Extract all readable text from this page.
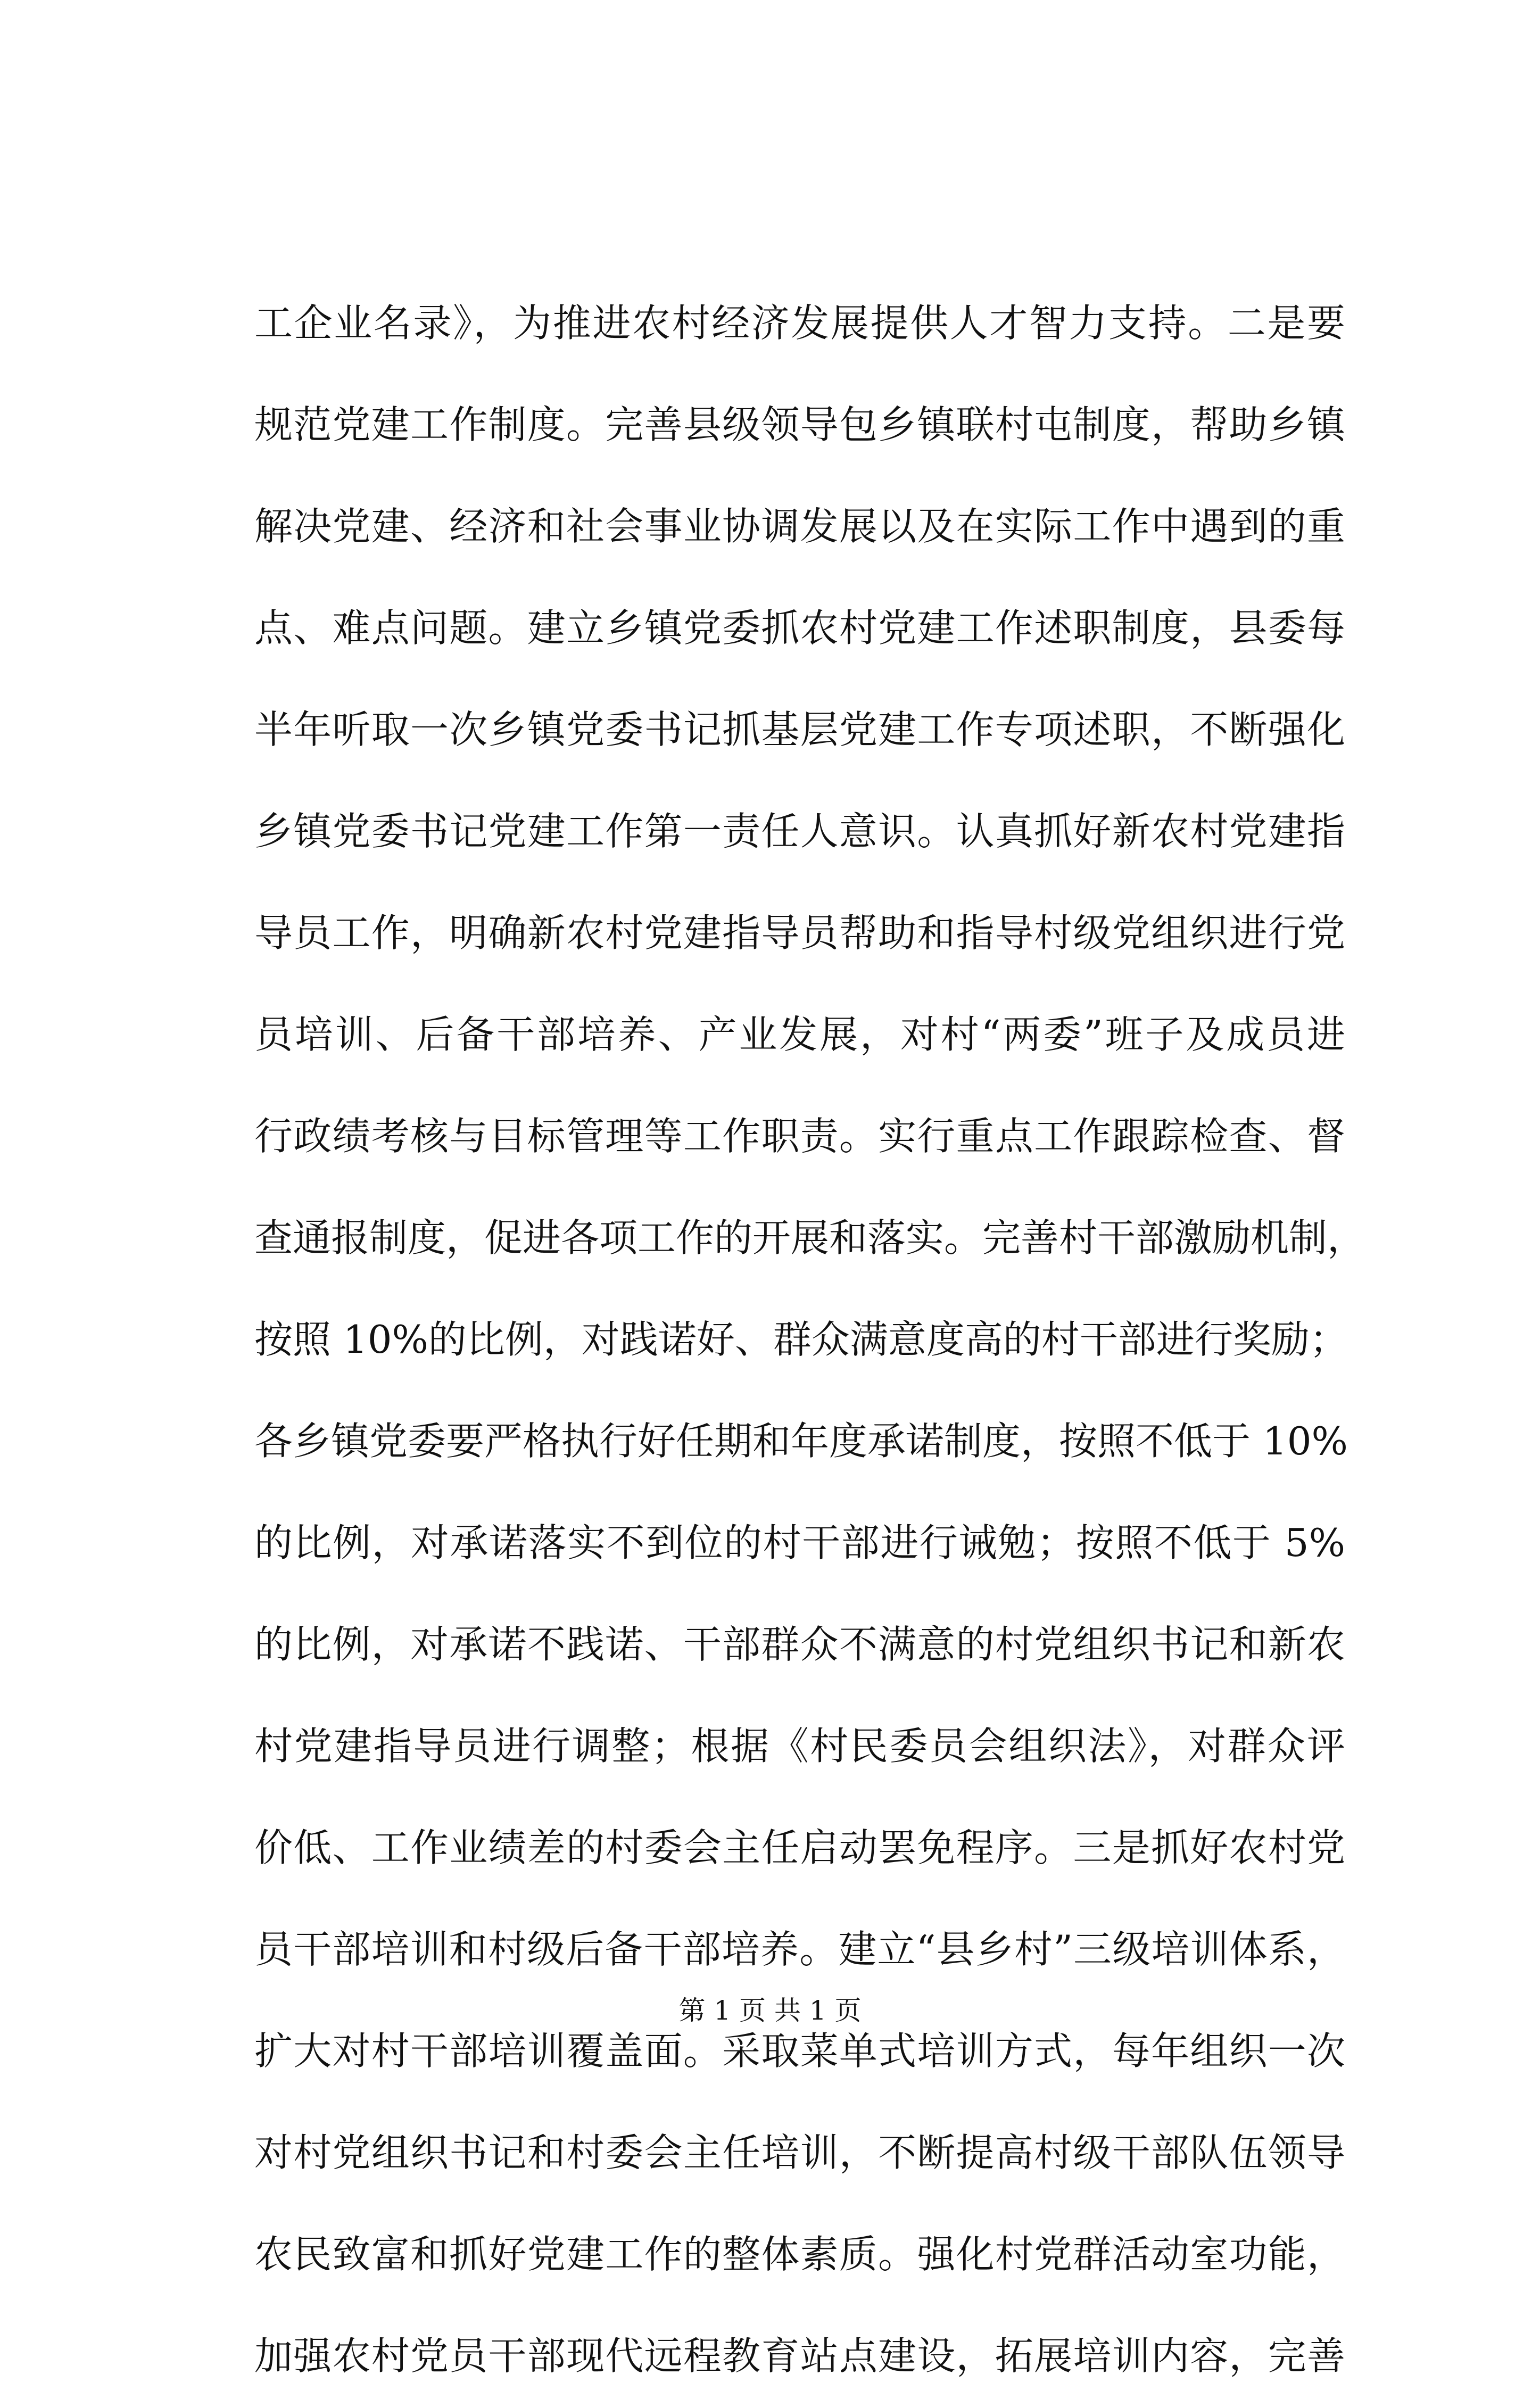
工企业名录》，为推进农村经济发展提供人才智力支持。二是要
规范党建工作制度。完善县级领导包乡镇联村屯制度，帮助乡镇
解决党建、经济和社会事业协调发展以及在实际工作中遇到的重
点、难点问题。建立乡镇党委抓农村党建工作述职制度，县委每
半年听取一次乡镇党委书记抓基层党建工作专项述职，不断强化
乡镇党委书记党建工作第一责任人意识。认真抓好新农村党建指
导员工作，明确新农村党建指导员帮助和指导村级党组织进行党
员培训、后备干部培养、产业发展，对村“两委”班子及成员进
行政绩考核与目标管理等工作职责。实行重点工作跟踪检查、督
查通报制度，促进各项工作的开展和落实。完善村干部激励机制，
按照 10%的比例，对践诺好、群众满意度高的村干部进行奖励；
各乡镇党委要严格执行好任期和年度承诺制度，按照不低于 10%
的比例，对承诺落实不到位的村干部进行诫勉；按照不低于 5%
的比例，对承诺不践诺、干部群众不满意的村党组织书记和新农
村党建指导员进行调整；根据《村民委员会组织法》，对群众评
价低、工作业绩差的村委会主任启动罢免程序。三是抓好农村党
员干部培训和村级后备干部培养。建立“县乡村”三级培训体系，
扩大对村干部培训覆盖面。采取菜单式培训方式，每年组织一次
对村党组织书记和村委会主任培训，不断提高村级干部队伍领导
农民致富和抓好党建工作的整体素质。强化村党群活动室功能，
加强农村党员干部现代远程教育站点建设，拓展培训内容，完善
第 1 页 共 1 页
